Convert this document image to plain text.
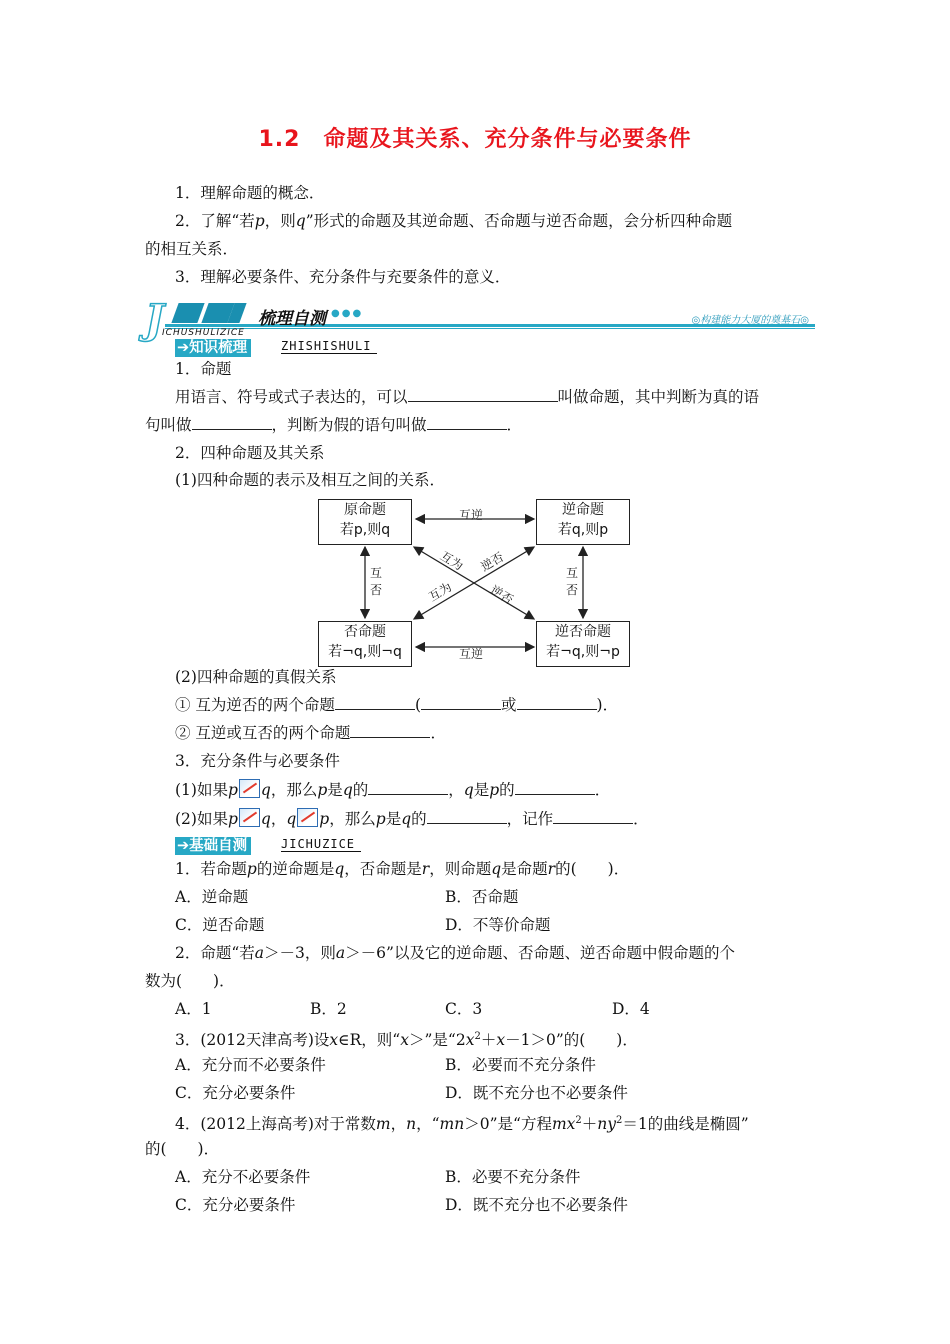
1.2　命题及其关系、充分条件与必要条件
1．理解命题的概念．
2．了解“若p，则q”形式的命题及其逆命题、否命题与逆否命题，会分析四种命题
的相互关系．
3．理解必要条件、充分条件与充要条件的意义．
J	梳理自测 ●●●
ICHUSHULIZICE
◎构建能力大厦的奠基石◎
➔知识梳理	ZHISHISHULI
1．命题
用语言、符号或式子表达的，可以	叫做命题，其中判断为真的语
句叫做	，判断为假的语句叫做	．
2．四种命题及其关系
(1)四种命题的表示及相互之间的关系．
原命题
若p,则q
逆命题
若q,则p
否命题
若¬q,则¬q
逆否命题
若¬q,则¬p
互逆
互逆
互
否
互
否
互为 逆否
互为	逆否
(2)四种命题的真假关系
① 互为逆否的两个命题	(	或	)．
② 互逆或互否的两个命题	．
3．充分条件与必要条件
(1)如果p q，那么p是q的	，q是p的	．
(2)如果p q，q p，那么p是q的	，记作	．
➔基础自测	JICHUZICE
1．若命题p的逆命题是q，否命题是r，则命题q是命题r的(　　)．
A．逆命题	B．否命题
C．逆否命题	D．不等价命题
2．命题“若a＞－3，则a＞－6”以及它的逆命题、否命题、逆否命题中假命题的个
数为(　　)．
A．1	B．2	C．3	D．4
3．(2012天津高考)设x∈R，则“x＞”是“$2x^2+x-1>0$”的(　　)．
A．充分而不必要条件	B．必要而不充分条件
C．充分必要条件	D．既不充分也不必要条件
4．(2012上海高考)对于常数m，n，“mn＞0”是“方程$mx^2+ny^2=1$的曲线是椭圆”
的(　　)．
A．充分不必要条件	B．必要不充分条件
C．充分必要条件	D．既不充分也不必要条件
